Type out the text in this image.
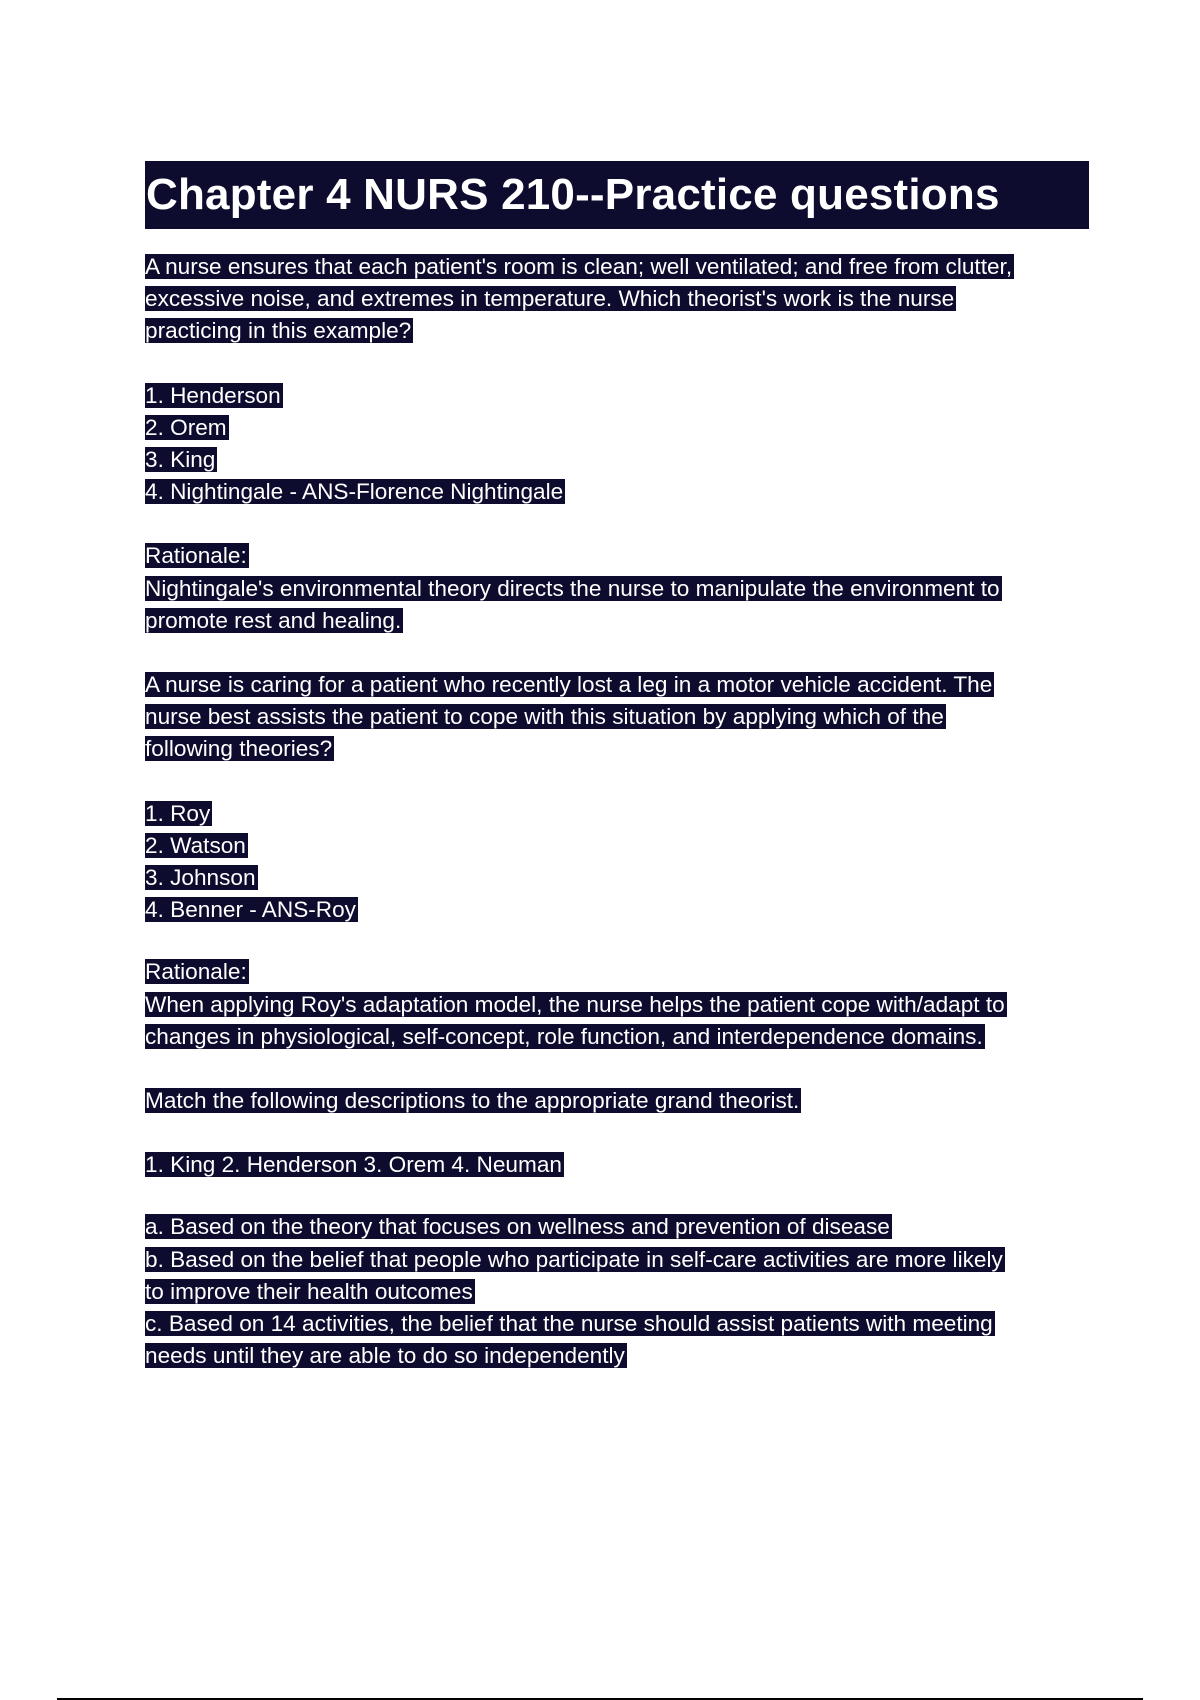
Chapter 4 NURS 210--Practice questions
A nurse ensures that each patient's room is clean; well ventilated; and free from clutter,
excessive noise, and extremes in temperature. Which theorist's work is the nurse
practicing in this example?
1. Henderson
2. Orem
3. King
4. Nightingale - ANS-Florence Nightingale
Rationale:
Nightingale's environmental theory directs the nurse to manipulate the environment to
promote rest and healing.
A nurse is caring for a patient who recently lost a leg in a motor vehicle accident. The
nurse best assists the patient to cope with this situation by applying which of the
following theories?
1. Roy
2. Watson
3. Johnson
4. Benner - ANS-Roy
Rationale:
When applying Roy's adaptation model, the nurse helps the patient cope with/adapt to
changes in physiological, self-concept, role function, and interdependence domains.
Match the following descriptions to the appropriate grand theorist.
1. King 2. Henderson 3. Orem 4. Neuman
a. Based on the theory that focuses on wellness and prevention of disease
b. Based on the belief that people who participate in self-care activities are more likely
to improve their health outcomes
c. Based on 14 activities, the belief that the nurse should assist patients with meeting
needs until they are able to do so independently
